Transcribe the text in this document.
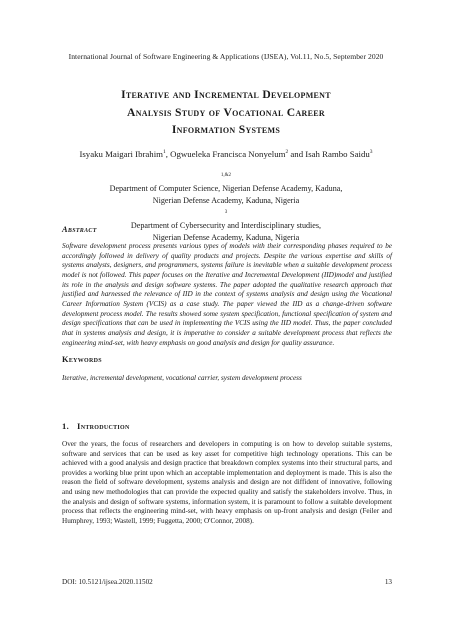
International Journal of Software Engineering & Applications (IJSEA), Vol.11, No.5, September 2020
Iterative and Incremental Development
Analysis Study of Vocational Career
Information Systems
Isyaku Maigari Ibrahim$^1$, Ogwueleka Francisca Nonyelum$^2$ and Isah Rambo Saidu$^3$
$^{1,\&2}$
Department of Computer Science, Nigerian Defense Academy, Kaduna,
Nigerian Defense Academy, Kaduna, Nigeria
$^3$
Department of Cybersecurity and Interdisciplinary studies,
Nigerian Defense Academy, Kaduna, Nigeria
Abstract
Software development process presents various types of models with their corresponding phases required to be accordingly followed in delivery of quality products and projects. Despite the various expertise and skills of systems analysts, designers, and programmers, systems failure is inevitable when a suitable development process model is not followed. This paper focuses on the Iterative and Incremental Development (IID)model and justified its role in the analysis and design software systems. The paper adopted the qualitative research approach that justified and harnessed the relevance of IID in the context of systems analysis and design using the Vocational Career Information System (VCIS) as a case study. The paper viewed the IID as a change-driven software development process model. The results showed some system specification, functional specification of system and design specifications that can be used in implementing the VCIS using the IID model. Thus, the paper concluded that in systems analysis and design, it is imperative to consider a suitable development process that reflects the engineering mind-set, with heavy emphasis on good analysis and design for quality assurance.
Keywords
Iterative, incremental development, vocational carrier, system development process
1. Introduction
Over the years, the focus of researchers and developers in computing is on how to develop suitable systems, software and services that can be used as key asset for competitive high technology operations. This can be achieved with a good analysis and design practice that breakdown complex systems into their structural parts, and provides a working blue print upon which an acceptable implementation and deployment is made. This is also the reason the field of software development, systems analysis and design are not diffident of innovative, following and using new methodologies that can provide the expected quality and satisfy the stakeholders involve. Thus, in the analysis and design of software systems, information system, it is paramount to follow a suitable development process that reflects the engineering mind-set, with heavy emphasis on up-front analysis and design (Feiler and Humphrey, 1993; Wastell, 1999; Fuggetta, 2000; O'Connor, 2008).
DOI: 10.5121/ijsea.2020.11502	13
